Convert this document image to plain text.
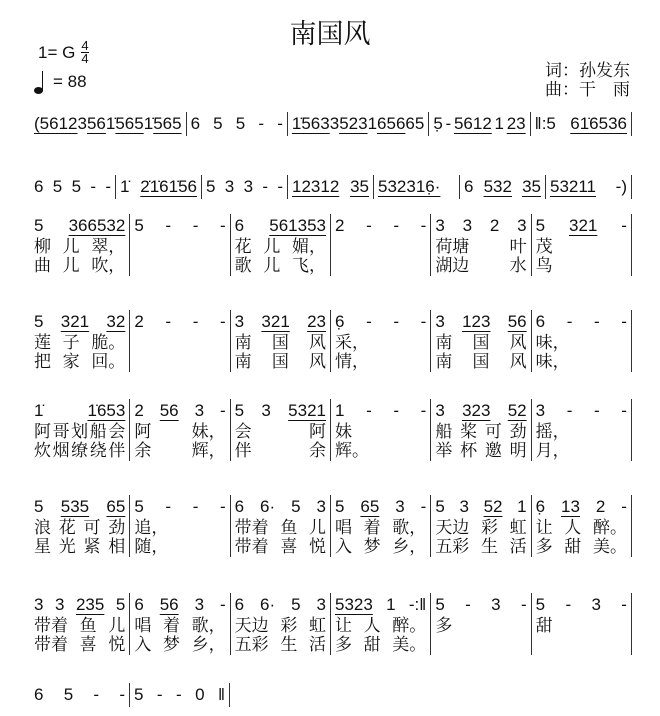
南国风
1= G $\frac{4}{4}$
= 88
词：孙发东
曲：干　雨
(5612 3 56 1̇ 565 1̇ 565 6 5 5 - - 1̇563 3 523 1 656 6 5 5̣ - 5612 1 23 ‖:5 61̇6536
6 5 5 - - 1̇ 2̇1̇61̇56 5 3 3 - - 12312 35 532316̣· 6 532 35 53211 -)
5 366532
柳 儿 翠，
曲 儿 吹，
5 - - - 6 561353
花 儿 媚，
歌 儿 飞，
2 - - - 3 3 2 3
荷塘 叶
湖边 水
5 321 -
茂
鸟
5 321 32
莲 子 脆。
把 家 回。
2 - - - 3 321 23
南 国 风
南 国 风
6̣ - - -
采，
情，
3 123 56
南 国 风
南 国 风
6 - - -
味，
味，
1̇	1̇653
阿 哥 划 船 会
炊 烟 缭 绕 伴
2 56 3 -
阿 妹，
余 辉，
5 3 5321
会	阿
伴	余
1 - - -
妹
辉。
3 323 52
船 桨 可 劲
举 杯 邀 明
3 - - -
摇，
月，
5 535 65
浪 花 可 劲
星 光 紧 相
5 - - -
追，
随，
6 6· 5 3
带着 鱼 儿
带着 喜 悦
5 65 3 -
唱 着 歌，
入 梦 乡，
5 3 52 1
天边 彩 虹
五彩 生 活
6̣ 13 2 -
让 人 醉。
多 甜 美。
3 3 235 5
带着 鱼 儿
带着 喜 悦
6 56 3 -
唱 着 歌，
入 梦 乡，
6 6· 5 3
天边 彩 虹
五彩 生 活
5323 1 -:‖
让 人 醉。
多 甜 美。
5 - 3 -
多
5 - 3 -
甜
6 5 - - 5 - - 0 ‖
